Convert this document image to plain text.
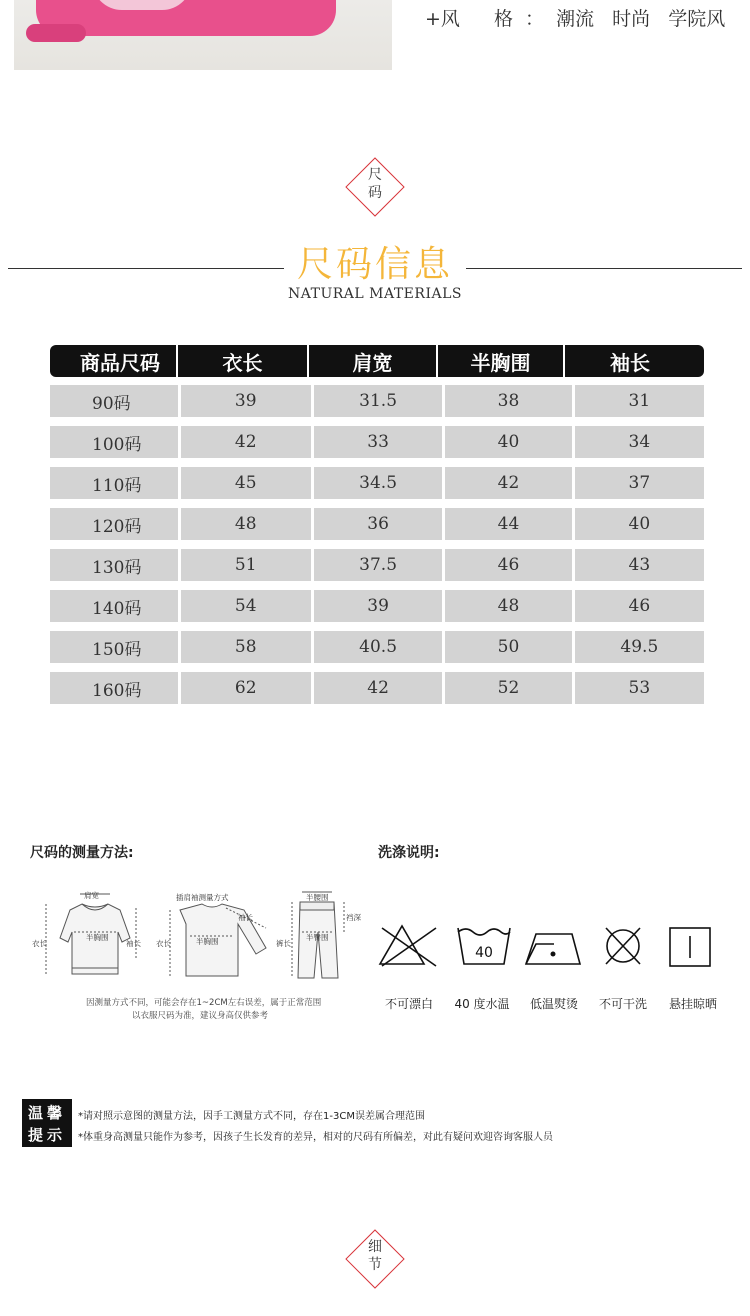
+风 格 ： 潮流 时尚 学院风
尺
码
尺码信息
NATURAL MATERIALS
商品尺码	衣长	肩宽	半胸围	袖长
90码	39	31.5	38	31
100码	42	33	40	34
110码	45	34.5	42	37
120码	48	36	44	40
130码	51	37.5	46	43
140码	54	39	48	46
150码	58	40.5	50	49.5
160码	62	42	52	53
尺码的测量方法:
肩宽
半胸围
衣长	袖长
插肩袖测量方式
衣长
袖长
半胸围
半腰围
裤长
半臀围
裆深
因测量方式不同，可能会存在1~2CM左右误差，属于正常范围
以衣服尺码为准，建议身高仅供参考
洗涤说明:
40
不可漂白	40 度水温	低温熨烫	不可干洗	悬挂晾晒
温馨
提示
*请对照示意图的测量方法，因手工测量方式不同，存在1-3CM误差属合理范围
*体重身高测量只能作为参考，因孩子生长发育的差异，相对的尺码有所偏差，对此有疑问欢迎咨询客服人员
细
节
